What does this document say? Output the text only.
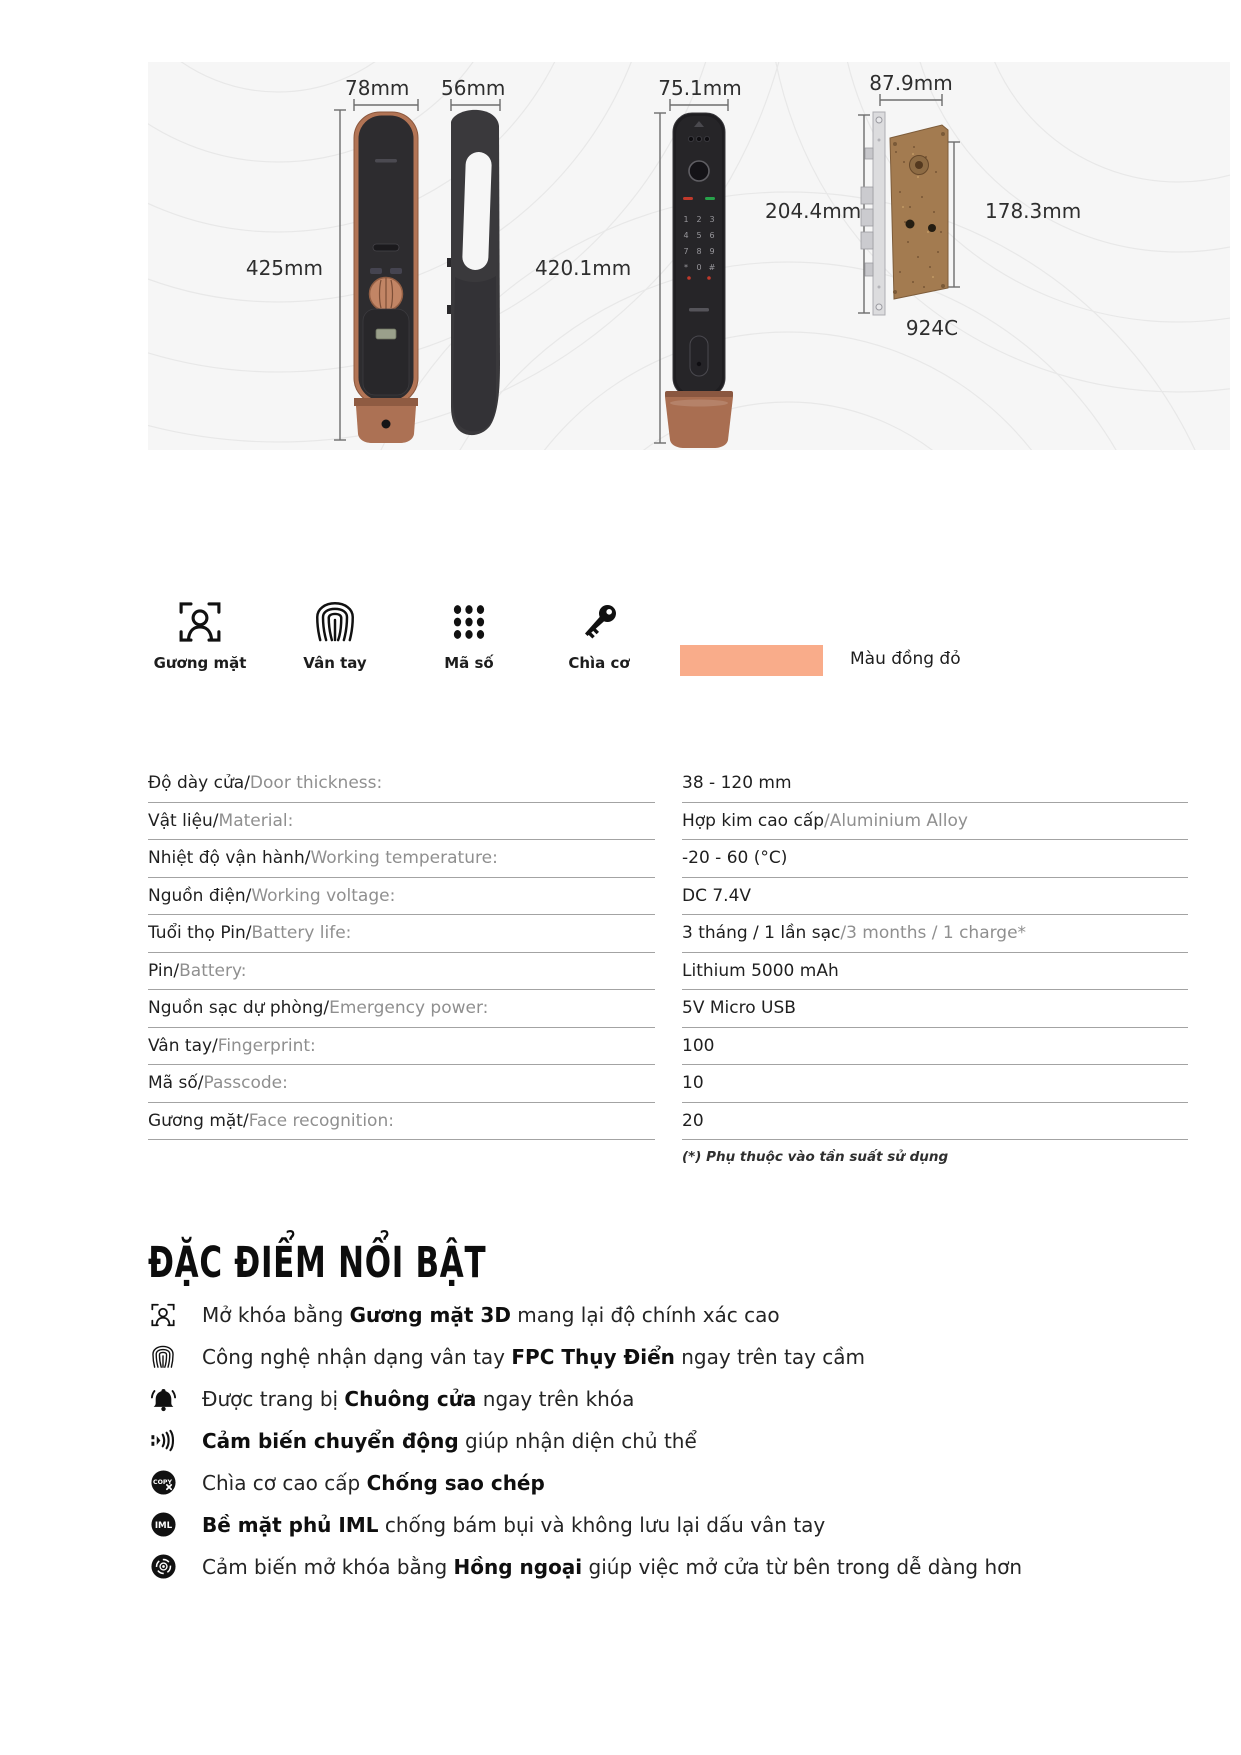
1 2 3
4 5 6
7 8 9
* 0 #
78mm 56mm	75.1mm	87.9mm
425mm	420.1mm
204.4mm	178.3mm
924C
Gương mặt	Vân tay	Mã số	Chìa cơ	Màu đồng đỏ
Độ dày cửa/ Door thickness:	38 - 120 mm
Vật liệu/ Material:	Hợp kim cao cấp /Aluminium Alloy
Nhiệt độ vận hành/ Working temperature:	-20 - 60 (°C)
Nguồn điện/ Working voltage:	DC 7.4V
Tuổi thọ Pin/ Battery life:	3 tháng / 1 lần sạc /3 months / 1 charge*
Pin/ Battery:	Lithium 5000 mAh
Nguồn sạc dự phòng/ Emergency power:	5V Micro USB
Vân tay/ Fingerprint:	100
Mã số/ Passcode:	10
Gương mặt/ Face recognition:	20
(*) Phụ thuộc vào tần suất sử dụng
ĐẶC ĐIỂM NỔI BẬT
Mở khóa bằng Gương mặt 3D mang lại độ chính xác cao
Công nghệ nhận dạng vân tay FPC Thụy Điển ngay trên tay cầm
Được trang bị Chuông cửa ngay trên khóa
Cảm biến chuyển động giúp nhận diện chủ thể
COPY Chìa cơ cao cấp Chống sao chép
IML Bề mặt phủ IML chống bám bụi và không lưu lại dấu vân tay
Cảm biến mở khóa bằng Hồng ngoại giúp việc mở cửa từ bên trong dễ dàng hơn
